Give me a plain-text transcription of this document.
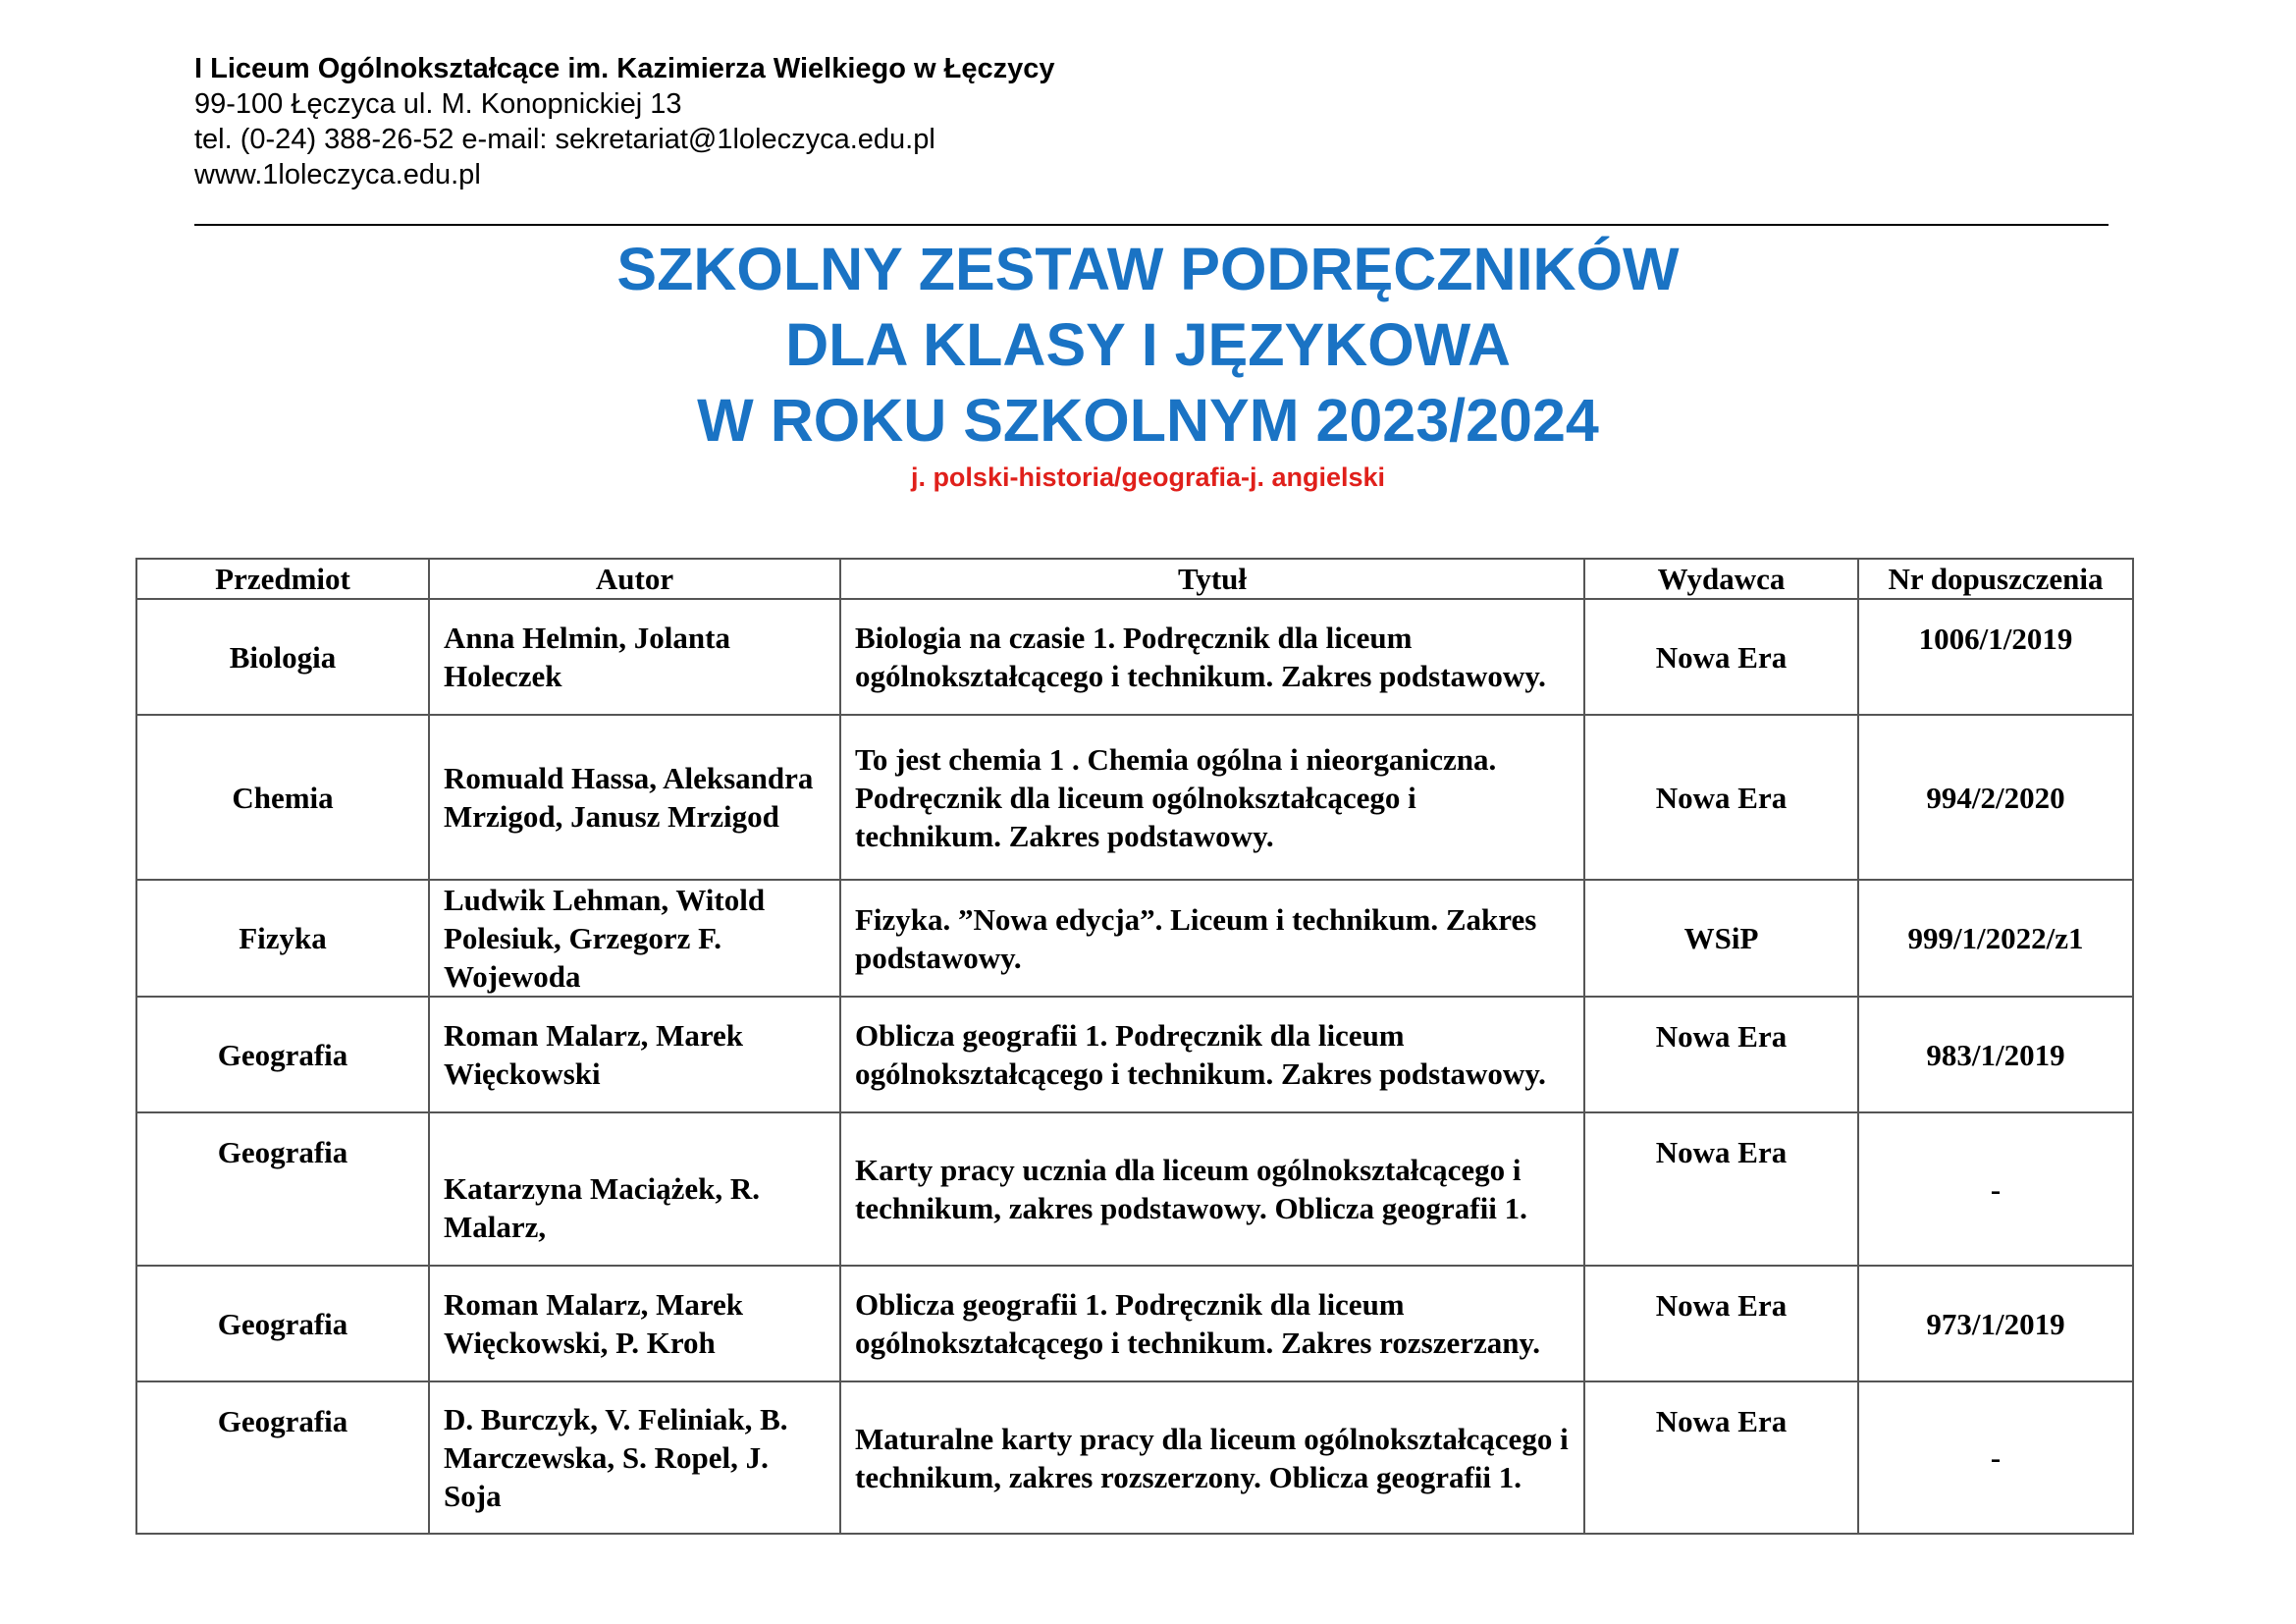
I Liceum Ogólnokształcące im. Kazimierza Wielkiego w Łęczycy
99-100 Łęczyca ul. M. Konopnickiej 13
tel. (0-24) 388-26-52 e-mail: sekretariat@1loleczyca.edu.pl
www.1loleczyca.edu.pl
SZKOLNY ZESTAW PODRĘCZNIKÓW
DLA KLASY I JĘZYKOWA
W ROKU SZKOLNYM 2023/2024
j. polski-historia/geografia-j. angielski
Przedmiot	Autor	Tytuł	Wydawca	Nr dopuszczenia
Biologia	Anna Helmin, Jolanta Holeczek	Biologia na czasie 1. Podręcznik dla liceum ogólnokształcącego i technikum. Zakres podstawowy.	Nowa Era	1006/1/2019
Chemia	Romuald Hassa, Aleksandra Mrzigod, Janusz Mrzigod	To jest chemia 1 . Chemia ogólna i nieorganiczna. Podręcznik dla liceum ogólnokształcącego i technikum. Zakres podstawowy.	Nowa Era	994/2/2020
Fizyka	Ludwik Lehman, Witold Polesiuk, Grzegorz F. Wojewoda	Fizyka. ”Nowa edycja”. Liceum i technikum. Zakres podstawowy.	WSiP	999/1/2022/z1
Geografia	Roman Malarz, Marek Więckowski	Oblicza geografii 1. Podręcznik dla liceum ogólnokształcącego i technikum. Zakres podstawowy.	Nowa Era	983/1/2019
Geografia	Katarzyna Maciążek, R. Malarz,	Karty pracy ucznia dla liceum ogólnokształcącego i technikum, zakres podstawowy. Oblicza geografii 1.	Nowa Era	-
Geografia	Roman Malarz, Marek Więckowski, P. Kroh	Oblicza geografii 1. Podręcznik dla liceum ogólnokształcącego i technikum. Zakres rozszerzany.	Nowa Era	973/1/2019
Geografia	D. Burczyk, V. Feliniak, B. Marczewska, S. Ropel, J. Soja	Maturalne karty pracy dla liceum ogólnokształcącego i technikum, zakres rozszerzony. Oblicza geografii 1.	Nowa Era	-
